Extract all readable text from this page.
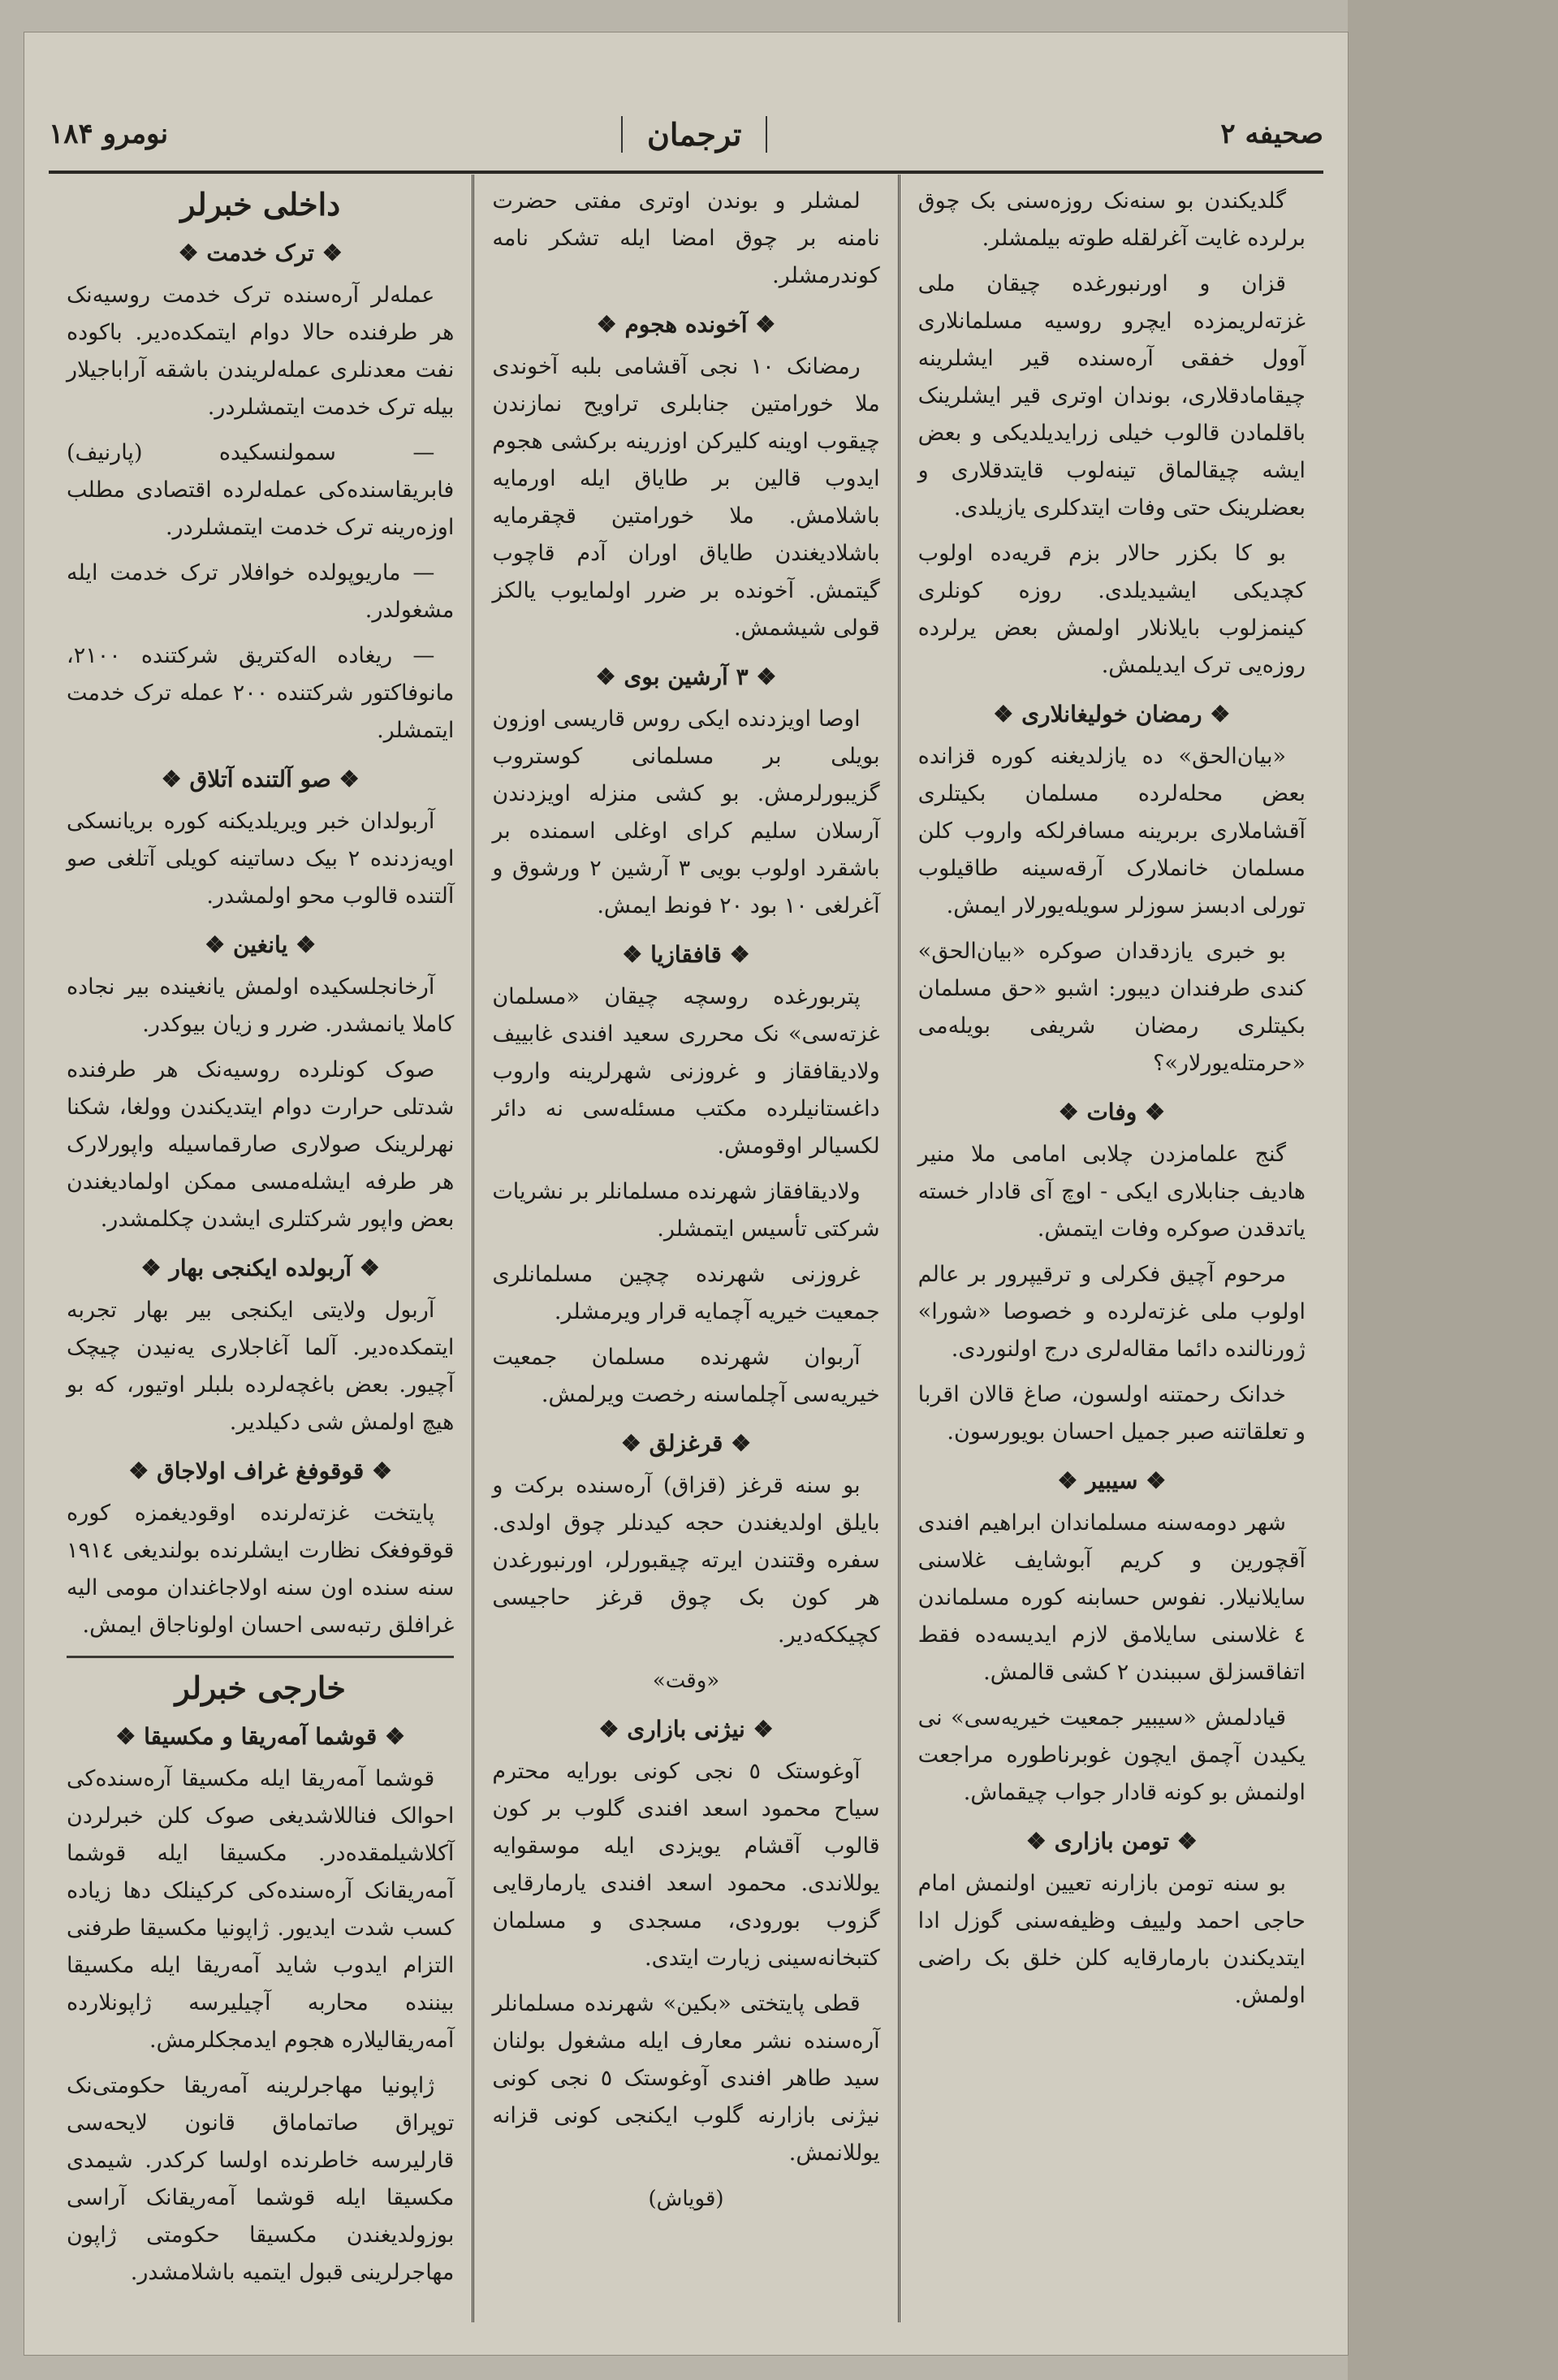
صحیفه ۲
ترجمان
نومرو ۱۸۴

گلدیکندن بو سنه‌نک روزه‌سنی بک چوق برلرده غایت آغرلقله طوته بیلمشلر.

قزان و اورنبورغده چیقان ملی غزته‌لریمزده ایچرو روسیه مسلمانلاری آوول خفقی آره‌سنده قیر ایشلرینه چیقامادقلاری، بوندان اوتری قیر ایشلرینک باقلمادن قالوب خیلی زرایدیلدیکی و بعض ایشه چیقالماق تینه‌لوب قایتدقلاری و بعضلرینک حتی وفات ایتدکلری یازیلدی.

بو کا بکزر حالار بزم قریه‌ده اولوب کچدیکی ایشیدیلدی. روزه کونلری کینمز‌لوب بایلانلار اولمش بعض یرلرده روزه‌یی ترک ایدیلمش.

❖ رمضان خولیغانلاری ❖

«بیان‌الحق» ده یازلدیغنه کوره قزانده بعض محله‌لرده مسلمان بکیتلری آقشاملاری بربرینه مسافرلکه واروب کلن مسلمان خانملارک آرقه‌سینه طاقیلوب تورلی ادبسز سوزلر سویله‌یورلار ایمش.

بو خبری یازدقدان صوکره «بیان‌الحق» کندی طرفندان دیبور: اشبو «حق مسلمان بکیتلری رمضان شریفی بویله‌می «حرمتله‌یورلار»؟

❖ وفات ❖

گنج علمامزدن چلابی امامی ملا منیر هادیف جنابلاری ایکی - اوچ آی قادار خسته یاتدقدن صوکره وفات ایتمش.

مرحوم آچیق فکرلی و ترقیپرور بر عالم اولوب ملی غزته‌لرده و خصوصا «شورا» ژورنالنده دائما مقاله‌لری درج اولنوردی.

خدانک رحمتنه اولسون، صاغ قالان اقربا و تعلقاتنه صبر جمیل احسان بویورسون.

❖ سیبیر ❖

شهر دومه‌سنه مسلماندان ابراهیم افندی آقچورین و کریم آبوشایف غلاسنی سایلانیلار. نفوس حسابنه کوره مسلماندن ٤ غلاسنی سایلامق لازم ایدیسه‌ده فقط اتفاقسزلق سببندن ٢ کشی قالمش.

قیادلمش «سیبیر جمعیت خیریه‌سی» نی یکیدن آچمق ایچون غوبرناطوره مراجعت اولنمش بو کونه قادار جواب چیقماش.

❖ تومن بازاری ❖

بو سنه تومن بازارنه تعیین اولنمش امام حاجی احمد ولییف وظیفه‌سنی گوزل ادا ایتدیکندن بارمارقایه کلن خلق بک راضی اولمش.

لمشلر و بوندن اوتری مفتی حضرت نامنه بر چوق امضا ایله تشکر نامه کوندرمشلر.

❖ آخونده هجوم ❖

رمضانک ١٠ نجی آقشامی بلبه آخوندی ملا خورامتین جنابلری تراویح نمازندن چیقوب اوینه کلیرکن اوزرینه برکشی هجوم ایدوب قالین بر طایاق ایله اورمایه باشلامش. ملا خورامتین قچقرمایه باشلادیغندن طایاق اوران آدم قاچوب گیتمش. آخونده بر ضرر اولمایوب یالکز قولی شیشمش.

❖ ٣ آرشین بوی ❖

اوصا اویزدنده ایکی روس قاریسی اوزون بویلی بر مسلمانی کوستروب گزیبورلرمش. بو کشی منزله اویزدندن آرسلان سلیم کرای اوغلی اسمنده بر باشقرد اولوب بویی ٣ آرشین ٢ ورشوق و آغرلغی ١٠ بود ٢٠ فونط ایمش.

❖ قافقازیا ❖

پتربورغده روسچه چیقان «مسلمان غزته‌سی» نک محرری سعید افندی غابییف ولادیقافقاز و غروزنی شهرلرینه واروب داغستانیلرده مکتب مسئله‌سی نه دائر لکسیالر اوقومش.

ولادیقافقاز شهرنده مسلمانلر بر نشریات شرکتی تأسیس ایتمشلر.

غروزنی شهرنده چچین مسلمانلری جمعیت خیریه آچمایه قرار ویرمشلر.

آربوان شهرنده مسلمان جمعیت خیریه‌سی آچلماسنه رخصت ویرلمش.

❖ قرغزلق ❖

بو سنه قرغز (قزاق) آره‌سنده برکت و بایلق اولدیغندن حجه کیدنلر چوق اولدی. سفره وقتندن ایرته چیقبورلر، اورنبورغدن هر کون بک چوق قرغز حاجیسی کچیککه‌دیر.

«وقت»
❖ نیژنی بازاری ❖

آوغوستک ٥ نجی کونی بورایه محترم سیاح محمود اسعد افندی گلوب بر کون قالوب آقشام یویزدی ایله موسقوایه یوللاندی. محمود اسعد افندی یارمارقایی گزوب بورودی، مسجدی و مسلمان کتبخانه‌سینی زیارت ایتدی.

قطی پایتختی «بکین» شهرنده مسلمانلر آره‌سنده نشر معارف ایله مشغول بولنان سید طاهر افندی آوغوستک ٥ نجی کونی نیژنی بازارنه گلوب ایکنجی کونی قزانه یوللانمش.

(قویاش)
داخلی خبرلر
❖ ترک خدمت ❖

عمله‌لر آره‌سنده ترک خدمت روسیه‌نک هر طرفنده حالا دوام ایتمکده‌دیر. باکوده نفت معدنلری عمله‌لریندن باشقه آراباجیلار بیله ترک خدمت ایتمشلردر.

— سمولنسکیده (پارنیف) فابریقاسنده‌کی عمله‌لرده اقتصادی مطلب اوزه‌رینه ترک خدمت ایتمشلردر.

— ماریوپولده خوافلار ترک خدمت ایله مشغولدر.

— ریغاده اله‌کتریق شرکتنده ٢١٠٠، مانوفاکتور شرکتنده ٢٠٠ عمله ترک خدمت ایتمشلر.

❖ صو آلتنده آتلاق ❖

آربولدان خبر ویریلدیکنه کوره بریانسکی اویه‌زدنده ٢ بیک دساتینه کویلی آتلغی صو آلتنده قالوب محو اولمشدر.

❖ یانغین ❖

آرخانجلسکیده اولمش یانغینده بیر نجاده کاملا یانمشدر. ضرر و زیان بیوکدر.

صوک کونلرده روسیه‌نک هر طرفنده شدتلی حرارت دوام ایتدیکندن وولغا، شکنا نهرلرینک صولاری صارقماسیله واپورلارک هر طرفه ایشله‌مسی ممکن اولمادیغندن بعض واپور شرکتلری ایشدن چکلمشدر.

❖ آربولده ایکنجی بهار ❖

آربول ولایتی ایکنجی بیر بهار تجربه ایتمکده‌دیر. آلما آغاجلاری یه‌نیدن چیچک آچیور. بعض باغچه‌لرده بلبلر اوتیور، که بو هیچ اولمش شی دکیلدیر.

❖ قوقوفغ غراف اولاجاق ❖

پایتخت غزته‌لرنده اوقودیغمزه کوره قوقوفغک نظارت ایشلرنده بولندیغی ١٩١٤ سنه سنده اون سنه اولاجاغندان مومی الیه غرافلق رتبه‌سی احسان اولوناجاق ایمش.

خارجی خبرلر
❖ قوشما آمه‌ریقا و مکسیقا ❖

قوشما آمه‌ریقا ایله مکسیقا آره‌سنده‌کی احوالک فناللاشدیغی صوک کلن خبرلردن آکلاشیلمقده‌در. مکسیقا ایله قوشما آمه‌ریقانک آره‌سنده‌کی کرکینلک دها زیاده کسب شدت ایدیور. ژاپونیا مکسیقا طرفنی التزام ایدوب شاید آمه‌ریقا ایله مکسیقا بیننده محاربه آچیلیرسه ژاپونلارده آمه‌ریقالیلاره هجوم ایدمجکلرمش.

ژاپونیا مهاجرلرینه آمه‌ریقا حکومتی‌نک توپراق صاتماماق قانون لایحه‌سی قارلیرسه خاطرنده اولسا کرکدر. شیمدی مکسیقا ایله قوشما آمه‌ریقانک آراسی بوزولدیغندن مکسیقا حکومتی ژاپون مهاجرلرینی قبول ایتمیه باشلامشدر.
